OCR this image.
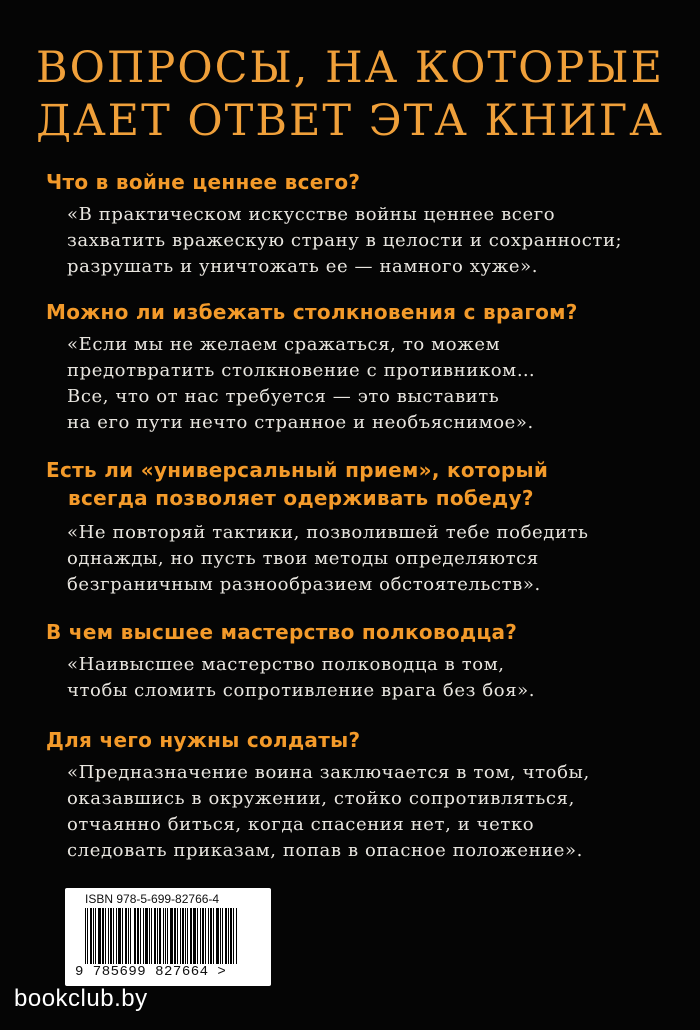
ВОПРОСЫ, НА КОТОРЫЕ
ДАЕТ ОТВЕТ ЭТА КНИГА
Что в войне ценнее всего?
«В практическом искусстве войны ценнее всего
захватить вражескую страну в целости и сохранности;
разрушать и уничтожать ее — намного хуже».
Можно ли избежать столкновения с врагом?
«Если мы не желаем сражаться, то можем
предотвратить столкновение с противником…
Все, что от нас требуется — это выставить
на его пути нечто странное и необъяснимое».
Есть ли «универсальный прием», который
всегда позволяет одерживать победу?
«Не повторяй тактики, позволившей тебе победить
однажды, но пусть твои методы определяются
безграничным разнообразием обстоятельств».
В чем высшее мастерство полководца?
«Наивысшее мастерство полководца в том,
чтобы сломить сопротивление врага без боя».
Для чего нужны солдаты?
«Предназначение воина заключается в том, чтобы,
оказавшись в окружении, стойко сопротивляться,
отчаянно биться, когда спасения нет, и четко
следовать приказам, попав в опасное положение».
ISBN 978-5-699-82766-4
9 785699 827664 >
bookclub.by
